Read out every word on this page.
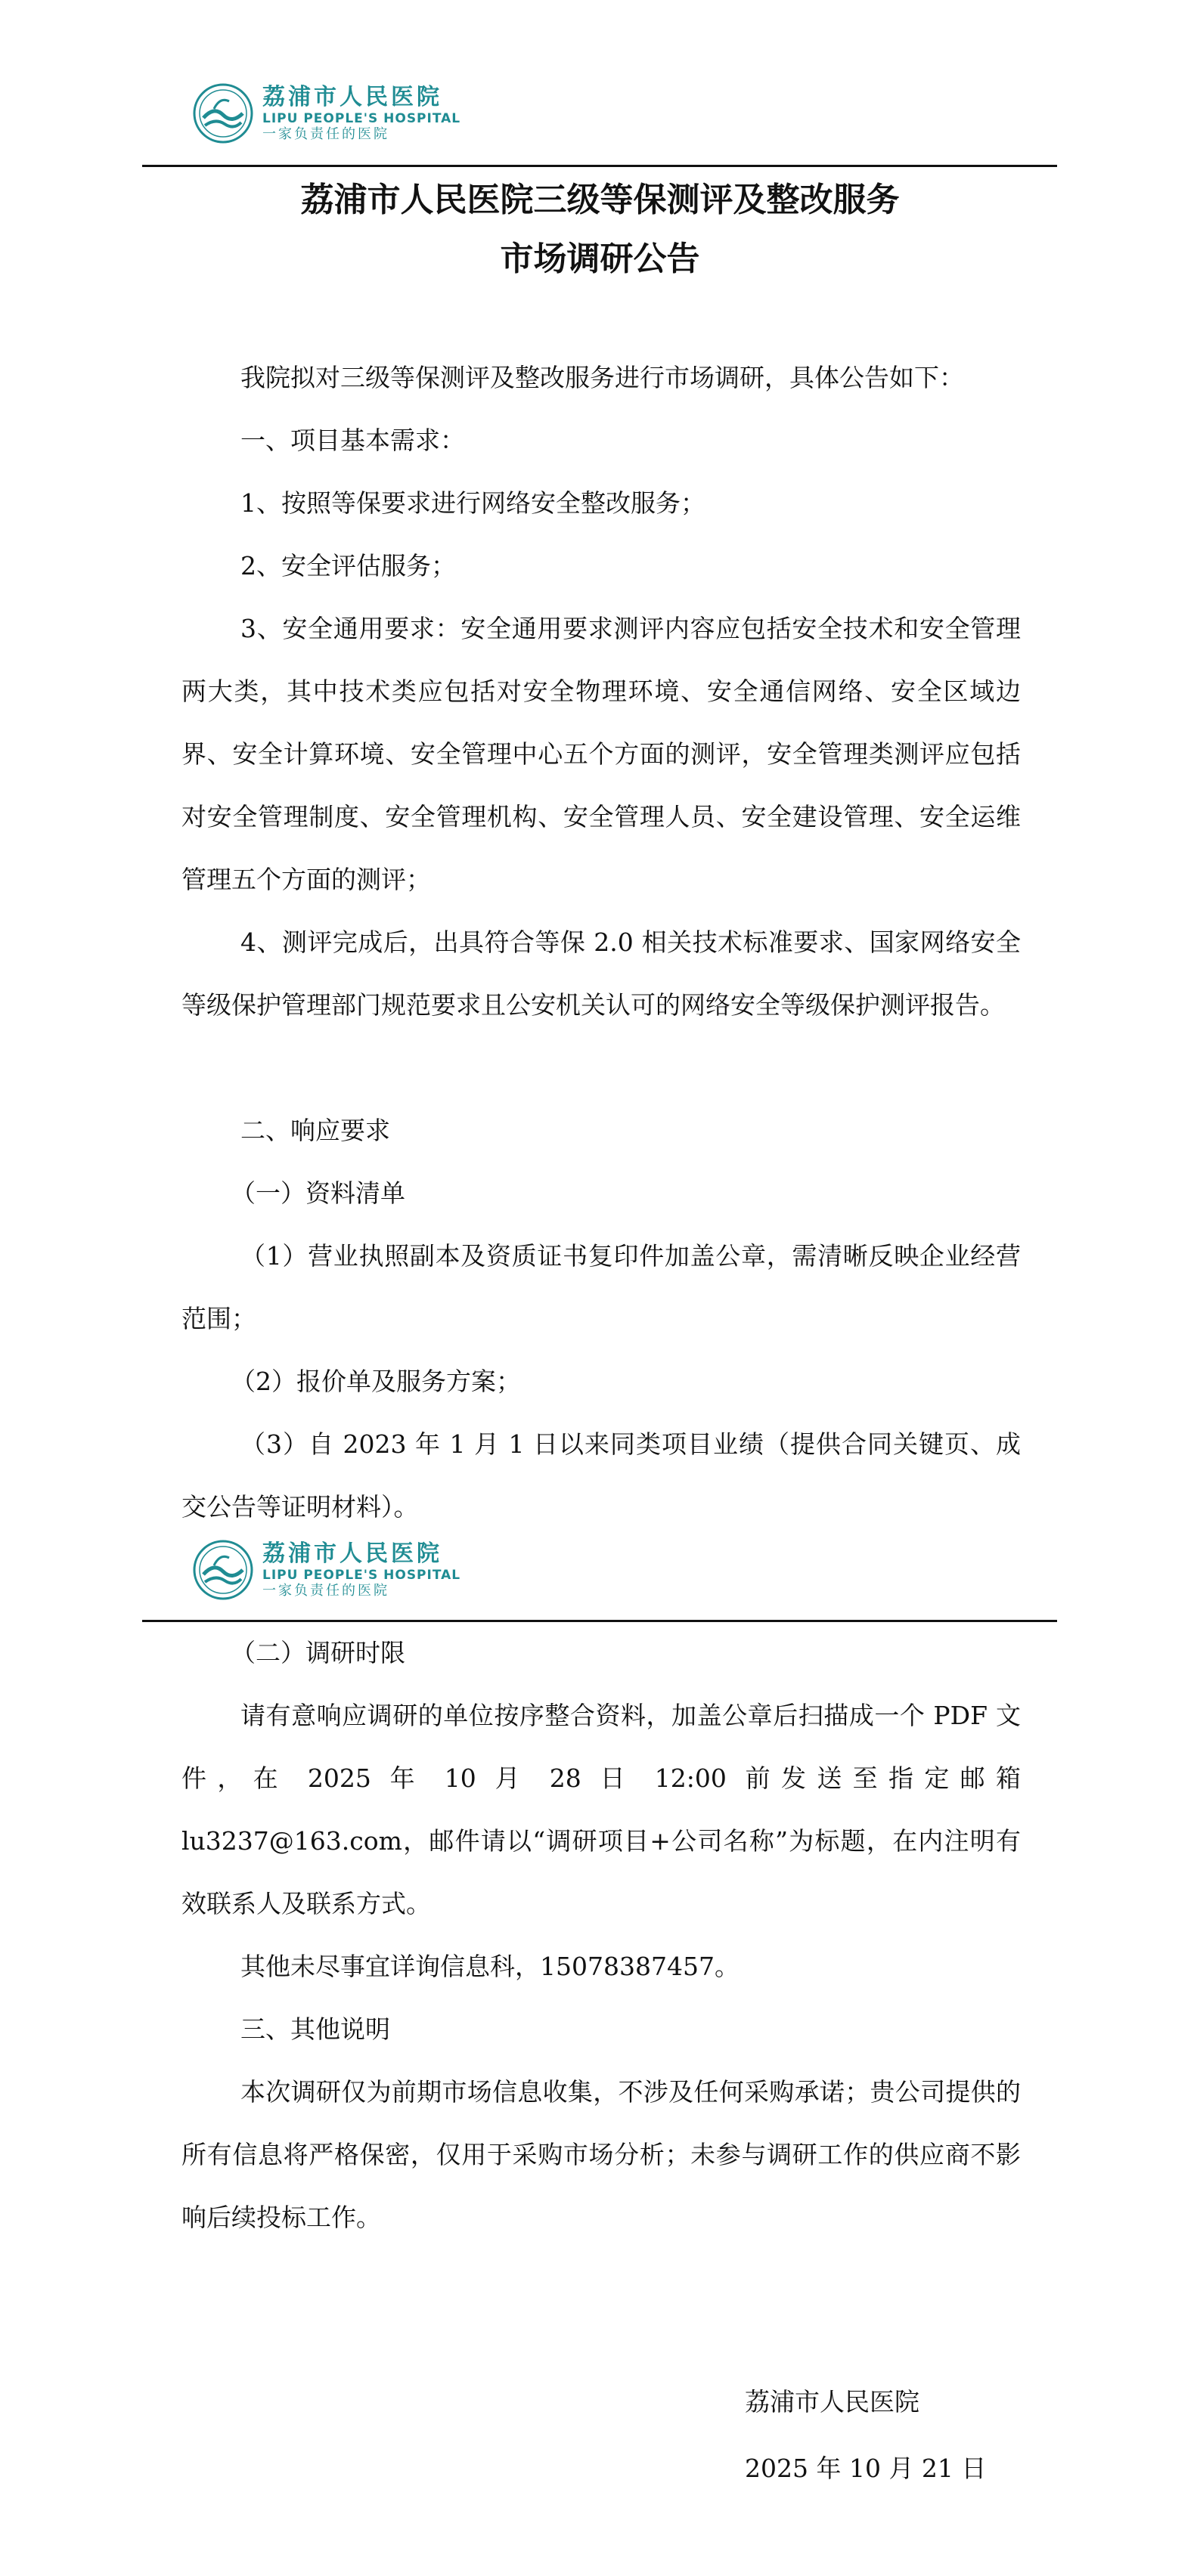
荔浦市人民医院
LIPU PEOPLE'S HOSPITAL
一家负责任的医院
荔浦市人民医院三级等保测评及整改服务
市场调研公告
我院拟对三级等保测评及整改服务进行市场调研，具体公告如下：
一、项目基本需求：
1、按照等保要求进行网络安全整改服务；
2、安全评估服务；
3、安全通用要求：安全通用要求测评内容应包括安全技术和安全管理两大类，其中技术类应包括对安全物理环境、安全通信网络、安全区域边界、安全计算环境、安全管理中心五个方面的测评，安全管理类测评应包括对安全管理制度、安全管理机构、安全管理人员、安全建设管理、安全运维管理五个方面的测评；
4、测评完成后，出具符合等保 2.0 相关技术标准要求、国家网络安全等级保护管理部门规范要求且公安机关认可的网络安全等级保护测评报告。
二、响应要求
（一）资料清单
（1）营业执照副本及资质证书复印件加盖公章，需清晰反映企业经营范围；
（2）报价单及服务方案；
（3）自 2023 年 1 月 1 日以来同类项目业绩（提供合同关键页、成交公告等证明材料）。
荔浦市人民医院
LIPU PEOPLE'S HOSPITAL
一家负责任的医院
（二）调研时限
请有意响应调研的单位按序整合资料，加盖公章后扫描成一个 PDF 文件，在 2025 年 10 月 28 日 12:00 前发送至指定邮箱 lu3237@163.com，邮件请以“调研项目+公司名称”为标题，在内注明有效联系人及联系方式。
其他未尽事宜详询信息科，15078387457。
三、其他说明
本次调研仅为前期市场信息收集，不涉及任何采购承诺；贵公司提供的所有信息将严格保密，仅用于采购市场分析；未参与调研工作的供应商不影响后续投标工作。
荔浦市人民医院
2025 年 10 月 21 日
